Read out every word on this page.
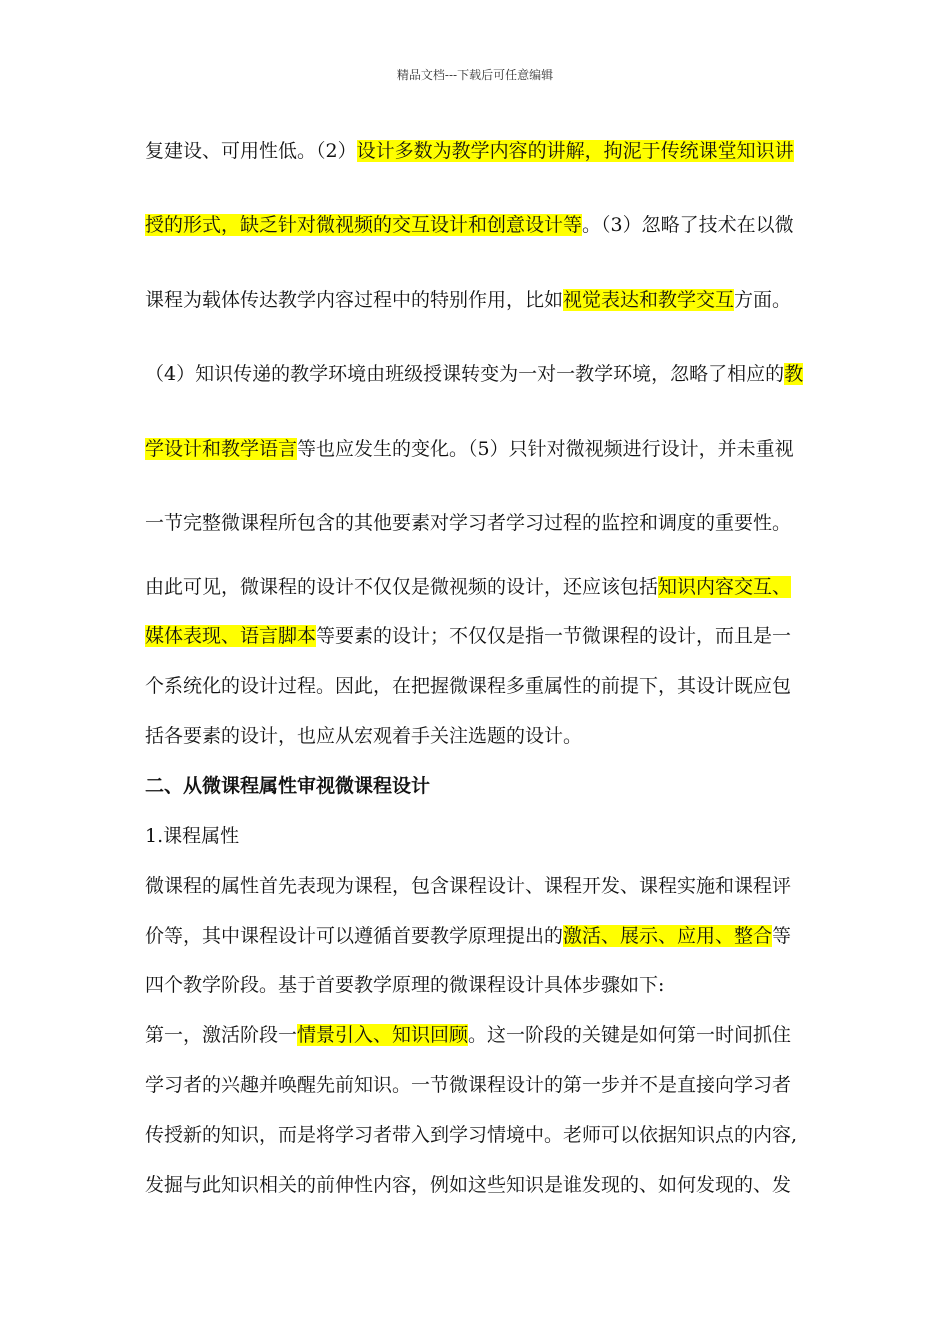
精品文档---下载后可任意编辑
复建设、可用性低。（2）设计多数为教学内容的讲解，拘泥于传统课堂知识讲
授的形式，缺乏针对微视频的交互设计和创意设计等。（3）忽略了技术在以微
课程为载体传达教学内容过程中的特别作用，比如视觉表达和教学交互方面。
（4）知识传递的教学环境由班级授课转变为一对一教学环境，忽略了相应的教
学设计和教学语言等也应发生的变化。（5）只针对微视频进行设计，并未重视
一节完整微课程所包含的其他要素对学习者学习过程的监控和调度的重要性。
由此可见，微课程的设计不仅仅是微视频的设计，还应该包括知识内容交互、
媒体表现、语言脚本等要素的设计；不仅仅是指一节微课程的设计，而且是一
个系统化的设计过程。因此，在把握微课程多重属性的前提下，其设计既应包
括各要素的设计，也应从宏观着手关注选题的设计。
二、从微课程属性审视微课程设计
1.课程属性
微课程的属性首先表现为课程，包含课程设计、课程开发、课程实施和课程评
价等，其中课程设计可以遵循首要教学原理提出的激活、展示、应用、整合等
四个教学阶段。基于首要教学原理的微课程设计具体步骤如下:
第一，激活阶段一情景引入、知识回顾。这一阶段的关键是如何第一时间抓住
学习者的兴趣并唤醒先前知识。一节微课程设计的第一步并不是直接向学习者
传授新的知识，而是将学习者带入到学习情境中。老师可以依据知识点的内容,
发掘与此知识相关的前伸性内容，例如这些知识是谁发现的、如何发现的、发
